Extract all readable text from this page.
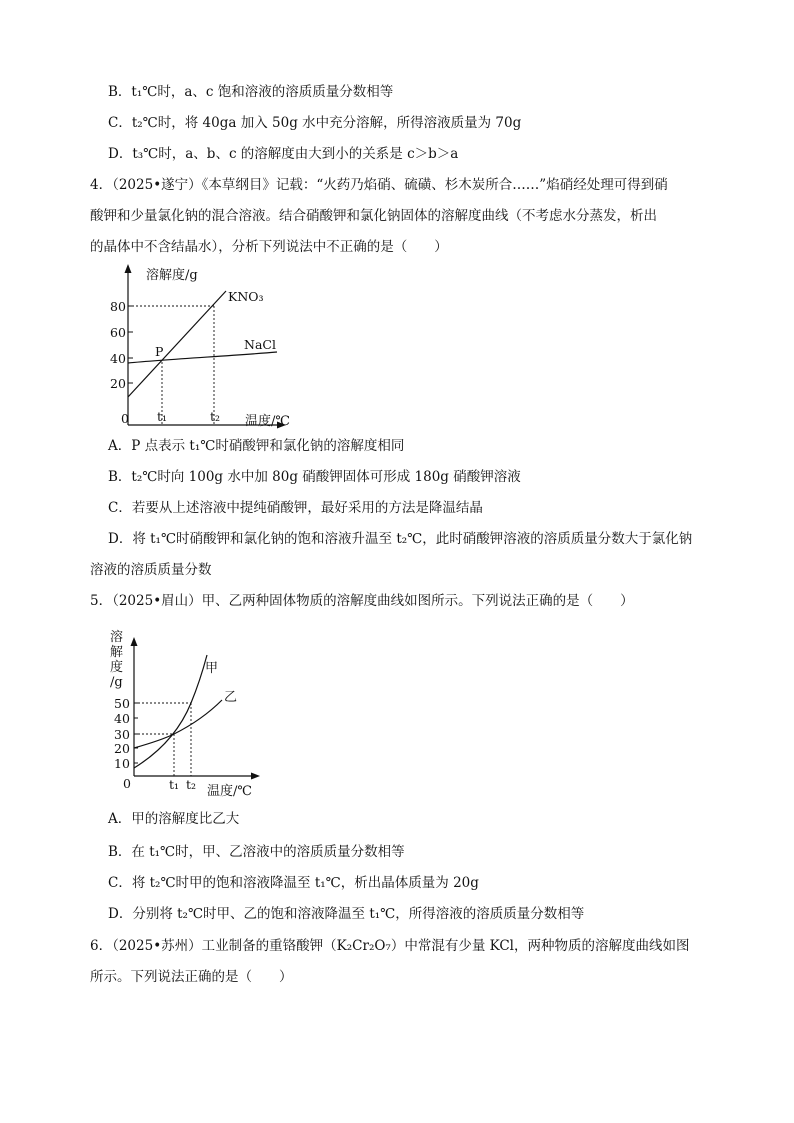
B．t₁℃时，a、c 饱和溶液的溶质质量分数相等
C．t₂℃时，将 40ga 加入 50g 水中充分溶解，所得溶液质量为 70g
D．t₃℃时，a、b、c 的溶解度由大到小的关系是 c＞b＞a
4．（2025•遂宁）《本草纲目》记载：“火药乃焰硝、硫磺、杉木炭所合……”焰硝经处理可得到硝
酸钾和少量氯化钠的混合溶液。结合硝酸钾和氯化钠固体的溶解度曲线（不考虑水分蒸发，析出
的晶体中不含结晶水），分析下列说法中不正确的是（　　）
溶解度/g
80
60
40
20
0 t₁	t₂ 温度/℃
P
KNO₃
NaCl
A．P 点表示 t₁℃时硝酸钾和氯化钠的溶解度相同
B．t₂℃时向 100g 水中加 80g 硝酸钾固体可形成 180g 硝酸钾溶液
C．若要从上述溶液中提纯硝酸钾，最好采用的方法是降温结晶
D．将 t₁℃时硝酸钾和氯化钠的饱和溶液升温至 t₂℃，此时硝酸钾溶液的溶质质量分数大于氯化钠
溶液的溶质质量分数
5．（2025•眉山）甲、乙两种固体物质的溶解度曲线如图所示。下列说法正确的是（　　）
溶
解
度
/g
50
40
30
20
10
0	t₁ t₂ 温度/℃
甲
乙
A．甲的溶解度比乙大
B．在 t₁℃时，甲、乙溶液中的溶质质量分数相等
C．将 t₂℃时甲的饱和溶液降温至 t₁℃，析出晶体质量为 20g
D．分别将 t₂℃时甲、乙的饱和溶液降温至 t₁℃，所得溶液的溶质质量分数相等
6．（2025•苏州）工业制备的重铬酸钾（K₂Cr₂O₇）中常混有少量 KCl，两种物质的溶解度曲线如图
所示。下列说法正确的是（　　）
